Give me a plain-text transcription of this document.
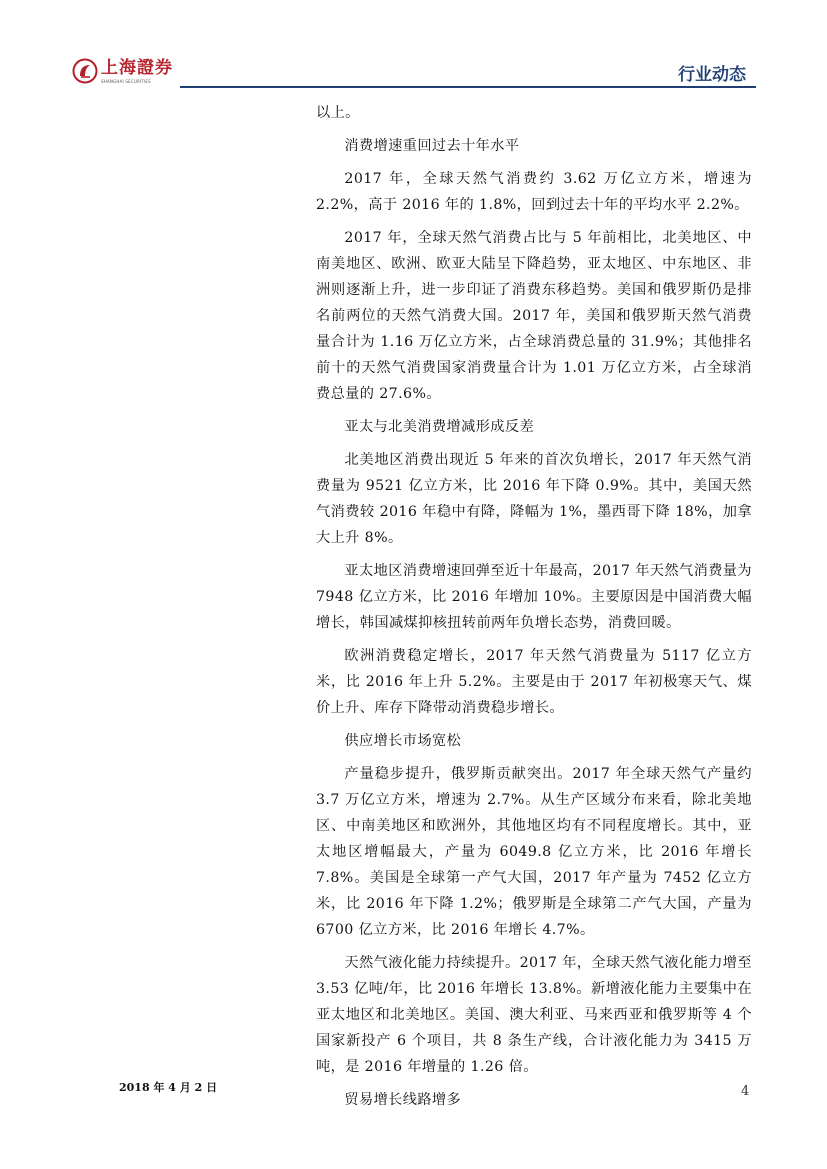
上海證券
SHANGHAI SECURITIES	行业动态

以上。

消费增速重回过去十年水平

2017 年，全球天然气消费约 3.62 万亿立方米，增速为 2.2%，高于 2016 年的 1.8%，回到过去十年的平均水平 2.2%。

2017 年，全球天然气消费占比与 5 年前相比，北美地区、中南美地区、欧洲、欧亚大陆呈下降趋势，亚太地区、中东地区、非洲则逐渐上升，进一步印证了消费东移趋势。美国和俄罗斯仍是排名前两位的天然气消费大国。2017 年，美国和俄罗斯天然气消费量合计为 1.16 万亿立方米，占全球消费总量的 31.9%；其他排名前十的天然气消费国家消费量合计为 1.01 万亿立方米，占全球消费总量的 27.6%。

亚太与北美消费增减形成反差

北美地区消费出现近 5 年来的首次负增长，2017 年天然气消费量为 9521 亿立方米，比 2016 年下降 0.9%。其中，美国天然气消费较 2016 年稳中有降，降幅为 1%，墨西哥下降 18%，加拿大上升 8%。

亚太地区消费增速回弹至近十年最高，2017 年天然气消费量为 7948 亿立方米，比 2016 年增加 10%。主要原因是中国消费大幅增长，韩国减煤抑核扭转前两年负增长态势，消费回暖。

欧洲消费稳定增长，2017 年天然气消费量为 5117 亿立方米，比 2016 年上升 5.2%。主要是由于 2017 年初极寒天气、煤价上升、库存下降带动消费稳步增长。

供应增长市场宽松

产量稳步提升，俄罗斯贡献突出。2017 年全球天然气产量约 3.7 万亿立方米，增速为 2.7%。从生产区域分布来看，除北美地区、中南美地区和欧洲外，其他地区均有不同程度增长。其中，亚太地区增幅最大，产量为 6049.8 亿立方米，比 2016 年增长 7.8%。美国是全球第一产气大国，2017 年产量为 7452 亿立方米，比 2016 年下降 1.2%；俄罗斯是全球第二产气大国，产量为 6700 亿立方米，比 2016 年增长 4.7%。

天然气液化能力持续提升。2017 年，全球天然气液化能力增至 3.53 亿吨/年，比 2016 年增长 13.8%。新增液化能力主要集中在亚太地区和北美地区。美国、澳大利亚、马来西亚和俄罗斯等 4 个国家新投产 6 个项目，共 8 条生产线，合计液化能力为 3415 万吨，是 2016 年增量的 1.26 倍。

贸易增长线路增多

2018 年 4 月 2 日	4
